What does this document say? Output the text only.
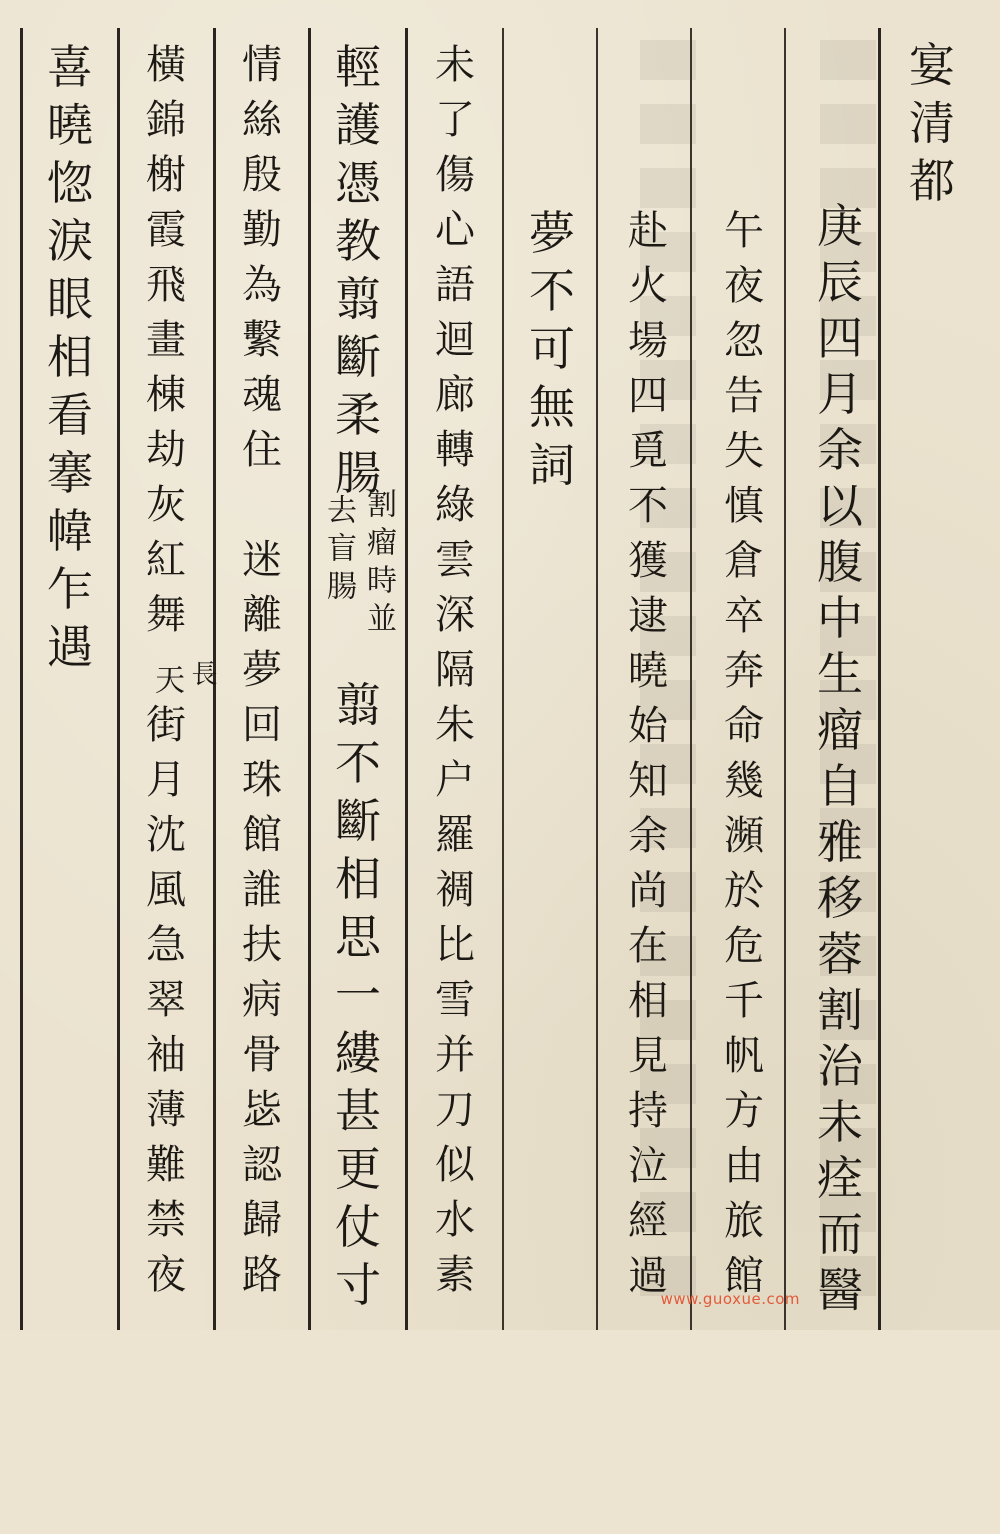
宴
清
都
庚
辰
四
月
余
以
腹
中
生
瘤
自
雅
移
蓉
割
治
未
痊
而
醫
午
夜
忽
告
失
慎
倉
卒
奔
命
幾
瀕
於
危
千
帆
方
由
旅
館
赴
火
場
四
覓
不
獲
逮
曉
始
知
余
尚
在
相
見
持
泣
經
過
夢
不
可
無
詞
未
了
傷
心
語
迴
廊
轉
綠
雲
深
隔
朱
户
羅
裯
比
雪
并
刀
似
水
素
輕
護
憑
教
翦
斷
柔
腸

翦
不
斷
相
思
一
縷
甚
更
仗
寸
情
絲
殷
勤
為
繫
魂
住

迷
離
夢
回
珠
館
誰
扶
病
骨
毖
認
歸
路
橫
錦
榭
霞
飛
畫
棟
劫
灰
紅
舞

街
月
沈
風
急
翠
袖
薄
難
禁
夜
喜
曉
惚
淚
眼
相
看
搴
幃
乍
遇
割瘤時並
去盲腸
長
天
www.guoxue.com
